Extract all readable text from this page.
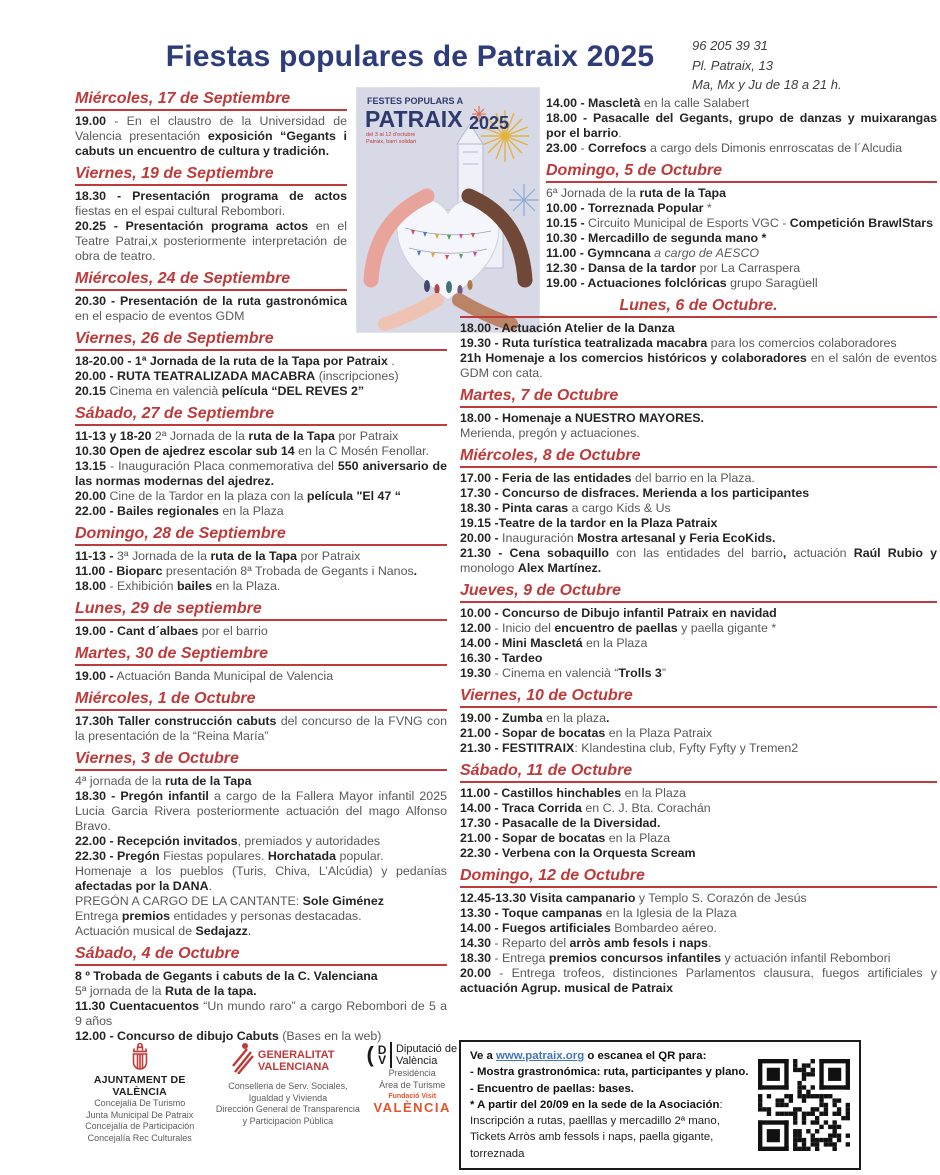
Fiestas populares de Patraix 2025	96 205 39 31
Pl. Patraix, 13
Ma, Mx y Ju de 18 a 21 h.
FESTES POPULARS A
PATRAIX 2025
del 3 al 12 d'octubre
Patraix, barri solidari
Miércoles, 17 de Septiembre
19.00 - En el claustro de la Universidad de Valencia presentación exposición “Gegants i cabuts un encuentro de cultura y tradición.
Viernes, 19 de Septiembre
18.30 - Presentación programa de actos fiestas en el espai cultural Rebombori.
20.25 - Presentación programa actos en el Teatre Patrai,x posteriormente interpretación de obra de teatro.
Miércoles, 24 de Septiembre
20.30 - Presentación de la ruta gastronómica en el espacio de eventos GDM
Viernes, 26 de Septiembre
18-20.00 - 1ª Jornada de la ruta de la Tapa por Patraix .
20.00 - RUTA TEATRALIZADA MACABRA (inscripciones)
20.15 Cinema en valencià película “DEL REVES 2”
Sábado, 27 de Septiembre
11-13 y 18-20 2ª Jornada de la ruta de la Tapa por Patraix
10.30 Open de ajedrez escolar sub 14 en la C Mosén Fenollar.
13.15 - Inauguración Placa conmemorativa del 550 aniversario de las normas modernas del ajedrez.
20.00 Cine de la Tardor en la plaza con la película "El 47 “
22.00 - Bailes regionales en la Plaza
Domingo, 28 de Septiembre
11-13 - 3ª Jornada de la ruta de la Tapa por Patraix
11.00 - Bioparc presentación 8ª Trobada de Gegants i Nanos.
18.00 - Exhibición bailes en la Plaza.
Lunes, 29 de septiembre
19.00 - Cant d´albaes por el barrio
Martes, 30 de Septiembre
19.00 - Actuación Banda Municipal de Valencia
Miércoles, 1 de Octubre
17.30h Taller construcción cabuts del concurso de la FVNG con la presentación de la “Reina María”
Viernes, 3 de Octubre
4ª jornada de la ruta de la Tapa
18.30 - Pregón infantil a cargo de la Fallera Mayor infantil 2025 Lucia Garcia Rivera posteriormente actuación del mago Alfonso Bravo.
22.00 - Recepción invitados, premiados y autoridades
22.30 - Pregón Fiestas populares. Horchatada popular.
Homenaje a los pueblos (Turis, Chiva, L’Alcúdia) y pedanías afectadas por la DANA.
PREGÓN A CARGO DE LA CANTANTE: Sole Giménez
Entrega premios entidades y personas destacadas.
Actuación musical de Sedajazz.
Sábado, 4 de Octubre
8 º Trobada de Gegants i cabuts de la C. Valenciana
5ª jornada de la Ruta de la tapa.
11.30 Cuentacuentos “Un mundo raro” a cargo Rebombori de 5 a 9 años
12.00 - Concurso de dibujo Cabuts (Bases en la web)
14.00 - Mascletà en la calle Salabert
18.00 - Pasacalle del Gegants, grupo de danzas y muixarangas por el barrio.
23.00 - Correfocs a cargo dels Dimonis enrroscatas de l´Alcudia
Domingo, 5 de Octubre
6ª Jornada de la ruta de la Tapa
10.00 - Torreznada Popular *
10.15 - Circuito Municipal de Esports VGC - Competición BrawlStars
10.30 - Mercadillo de segunda mano *
11.00 - Gymncana a cargo de AESCO
12.30 - Dansa de la tardor por La Carraspera
19.00 - Actuaciones folclóricas grupo Saragüell
Lunes, 6 de Octubre.
18.00 - Actuación Atelier de la Danza
19.30 - Ruta turística teatralizada macabra para los comercios colaboradores
21h Homenaje a los comercios históricos y colaboradores en el salón de eventos GDM con cata.
Martes, 7 de Octubre
18.00 - Homenaje a NUESTRO MAYORES.
Merienda, pregón y actuaciones.
Miércoles, 8 de Octubre
17.00 - Feria de las entidades del barrio en la Plaza.
17.30 - Concurso de disfraces. Merienda a los participantes
18.30 - Pinta caras a cargo Kids & Us
19.15 -Teatre de la tardor en la Plaza Patraix
20.00 - Inauguración Mostra artesanal y Feria EcoKids.
21.30 - Cena sobaquillo con las entidades del barrio, actuación Raúl Rubio y monologo Alex Martínez.
Jueves, 9 de Octubre
10.00 - Concurso de Dibujo infantil Patraix en navidad
12.00 - Inicio del encuentro de paellas y paella gigante *
14.00 - Mini Mascletá en la Plaza
16.30 - Tardeo
19.30 - Cinema en valencià “Trolls 3”
Viernes, 10 de Octubre
19.00 - Zumba en la plaza.
21.00 - Sopar de bocatas en la Plaza Patraix
21.30 - FESTITRAIX: Klandestina club, Fyfty Fyfty y Tremen2
Sábado, 11 de Octubre
11.00 - Castillos hinchables en la Plaza
14.00 - Traca Corrida en C. J. Bta. Corachán
17.30 - Pasacalle de la Diversidad.
21.00 - Sopar de bocatas en la Plaza
22.30 - Verbena con la Orquesta Scream
Domingo, 12 de Octubre
12.45-13.30 Visita campanario y Templo S. Corazón de Jesús
13.30 - Toque campanas en la Iglesia de la Plaza
14.00 - Fuegos artificiales Bombardeo aéreo.
14.30 - Reparto del arròs amb fesols i naps.
18.30 - Entrega premios concursos infantiles y actuación infantil Rebombori
20.00 - Entrega trofeos, distinciones Parlamentos clausura, fuegos artificiales y actuación Agrup. musical de Patraix
AJUNTAMENT DE VALÈNCIA
Concejalía De Turismo
Junta Municipal De Patraix
Concejalía de Participación
Concejalía Rec Culturales
GENERALITAT VALENCIANA
Conselleria de Serv. Sociales,
Igualdad y Vivienda
Dirección General de Transparencia
y Participación Pública
( D
V
Diputació de València
Presidència
Àrea de Turisme
Fundació Visit
VALÈNCIA
Ve a www.patraix.org o escanea el QR para:
- Mostra grastronómica: ruta, participantes y plano.
- Encuentro de paellas: bases.
* A partir del 20/09 en la sede de la Asociación:
Inscripción a rutas, paelllas y mercadillo 2ª mano,
Tickets Arròs amb fessols i naps, paella gigante, torreznada
